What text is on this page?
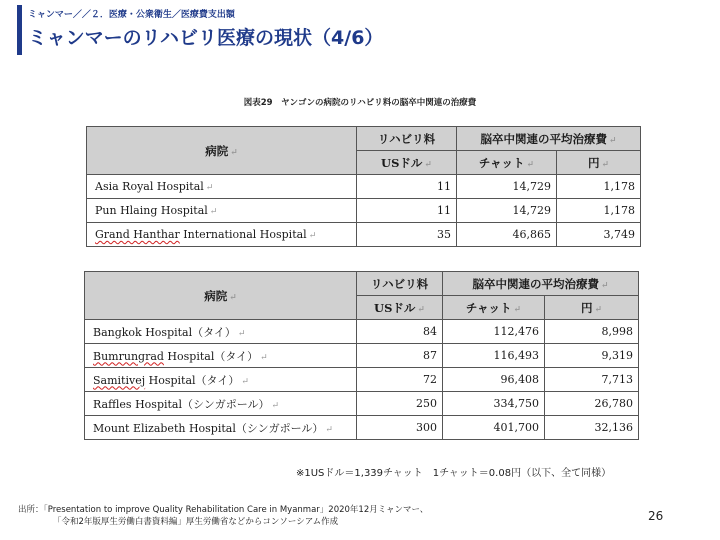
ミャンマー／／２．医療・公衆衛生／医療費支出額
ミャンマーのリハビリ医療の現状（4/6）
図表29　ヤンゴンの病院のリハビリ料の脳卒中関連の治療費
病院 ↵	リハビリ料	脳卒中関連の平均治療費 ↵	
	USドル ↵	チャット ↵	円 ↵
Asia Royal Hospital ↵	11	14,729	1,178
Pun Hlaing Hospital ↵	11	14,729	1,178
Grand Hanthar International Hospital ↵	35	46,865	3,749
病院 ↵	リハビリ料	脳卒中関連の平均治療費 ↵	
	USドル ↵	チャット ↵	円 ↵
Bangkok Hospital（タイ） ↵	84	112,476	8,998
Bumrungrad Hospital（タイ） ↵	87	116,493	9,319
Samitivej Hospital（タイ） ↵	72	96,408	7,713
Raffles Hospital（シンガポール） ↵	250	334,750	26,780
Mount Elizabeth Hospital（シンガポール） ↵	300	401,700	32,136
※1USドル＝1,339チャット　1チャット＝0.08円（以下、全て同様）
出所：「Presentation to improve Quality Rehabilitation Care in Myanmar」2020年12月ミャンマー、
「令和2年版厚生労働白書資料編」厚生労働省などからコンソーシアム作成	26
